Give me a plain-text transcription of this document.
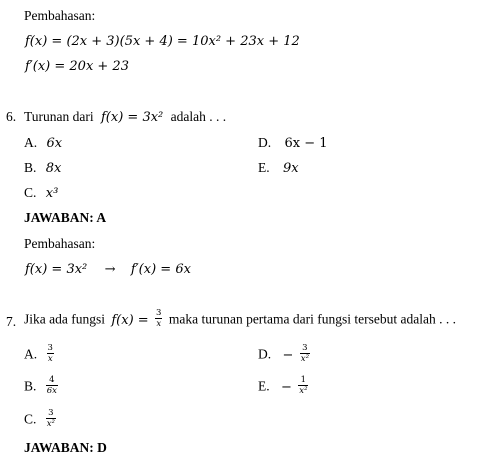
Pembahasan:
f(x) = (2x + 3)(5x + 4) = 10x² + 23x + 12
f′(x) = 20x + 23
6. Turunan dari f(x) = 3x² adalah . . .
A. 6x
B. 8x
C. x³
D. 6x − 1
E. 9x
JAWABAN: A
Pembahasan:
f(x) = 3x² → f′(x) = 6x
7. Jika ada fungsi $f(x) = \frac{3}{x}$ maka turunan pertama dari fungsi tersebut adalah . . .
A. $\frac{3}{x}$
B. $\frac{4}{6x}$
C. $\frac{3}{\text{x²}}$
D. − $\frac{3}{\text{x²}}$
E. − $\frac{1}{\text{x²}}$
JAWABAN: D
